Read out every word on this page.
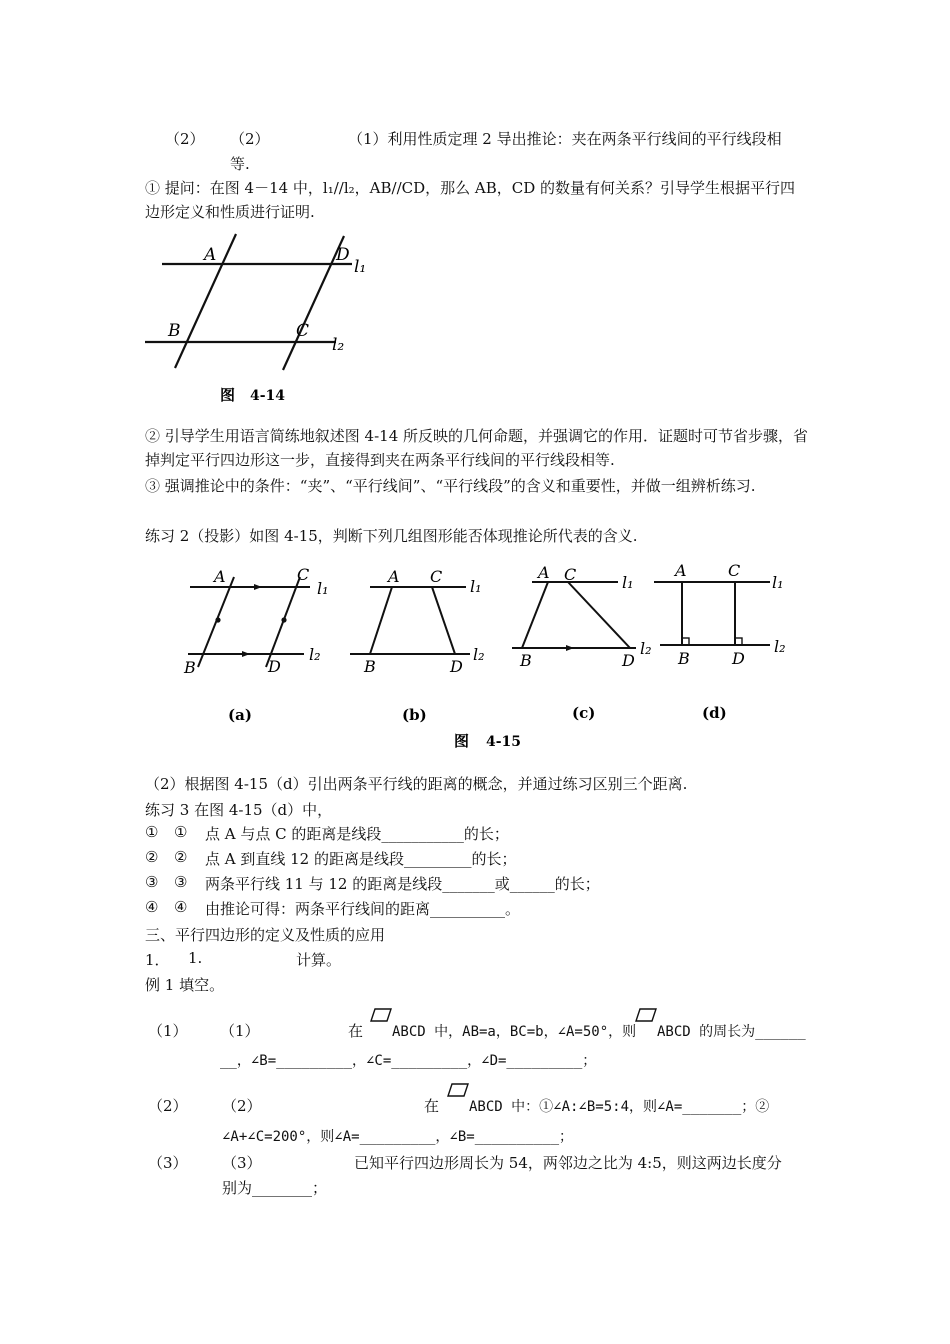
（2） （2）	（1）利用性质定理 2 导出推论：夹在两条平行线间的平行线段相
等.
① 提问：在图 4－14 中，l₁//l₂，AB//CD，那么 AB，CD 的数量有何关系？引导学生根据平行四边形定义和性质进行证明.
A	D
l₁
B	C
l₂
图 4-14
② 引导学生用语言简练地叙述图 4-14 所反映的几何命题，并强调它的作用．证题时可节省步骤，省掉判定平行四边形这一步，直接得到夹在两条平行线间的平行线段相等.
③ 强调推论中的条件：“夹”、“平行线间”、“平行线段”的含义和重要性，并做一组辨析练习.
练习 2（投影）如图 4-15，判断下列几组图形能否体现推论所代表的含义.
A	C
l₁
B	D
l₂
(a)
A C
l₁
B	D
l₂
(b)
A C	l₁
B	D
l₂
(c)
A	C
l₁
B	D
l₂
(d)
图 4-15
（2）根据图 4-15（d）引出两条平行线的距离的概念，并通过练习区别三个距离.
练习 3 在图 4-15（d）中，
① ① 点 A 与点 C 的距离是线段___________的长；
② ② 点 A 到直线 12 的距离是线段_________的长；
③ ③ 两条平行线 11 与 12 的距离是线段_______或______的长；
④ ④ 由推论可得：两条平行线间的距离__________。
三、平行四边形的定义及性质的应用
1． 1.	计算。
例 1 填空。
（1） （1）	在 ABCD 中，AB=a，BC=b，∠A=50°，则 ABCD 的周长为______
__，∠B=_________，∠C=_________，∠D=_________；
（2） （2）	在 ABCD 中：①∠A:∠B=5:4，则∠A=_______；②
∠A+∠C=200°，则∠A=_________，∠B=__________；
（3） （3）	已知平行四边形周长为 54，两邻边之比为 4:5，则这两边长度分
别为________；
